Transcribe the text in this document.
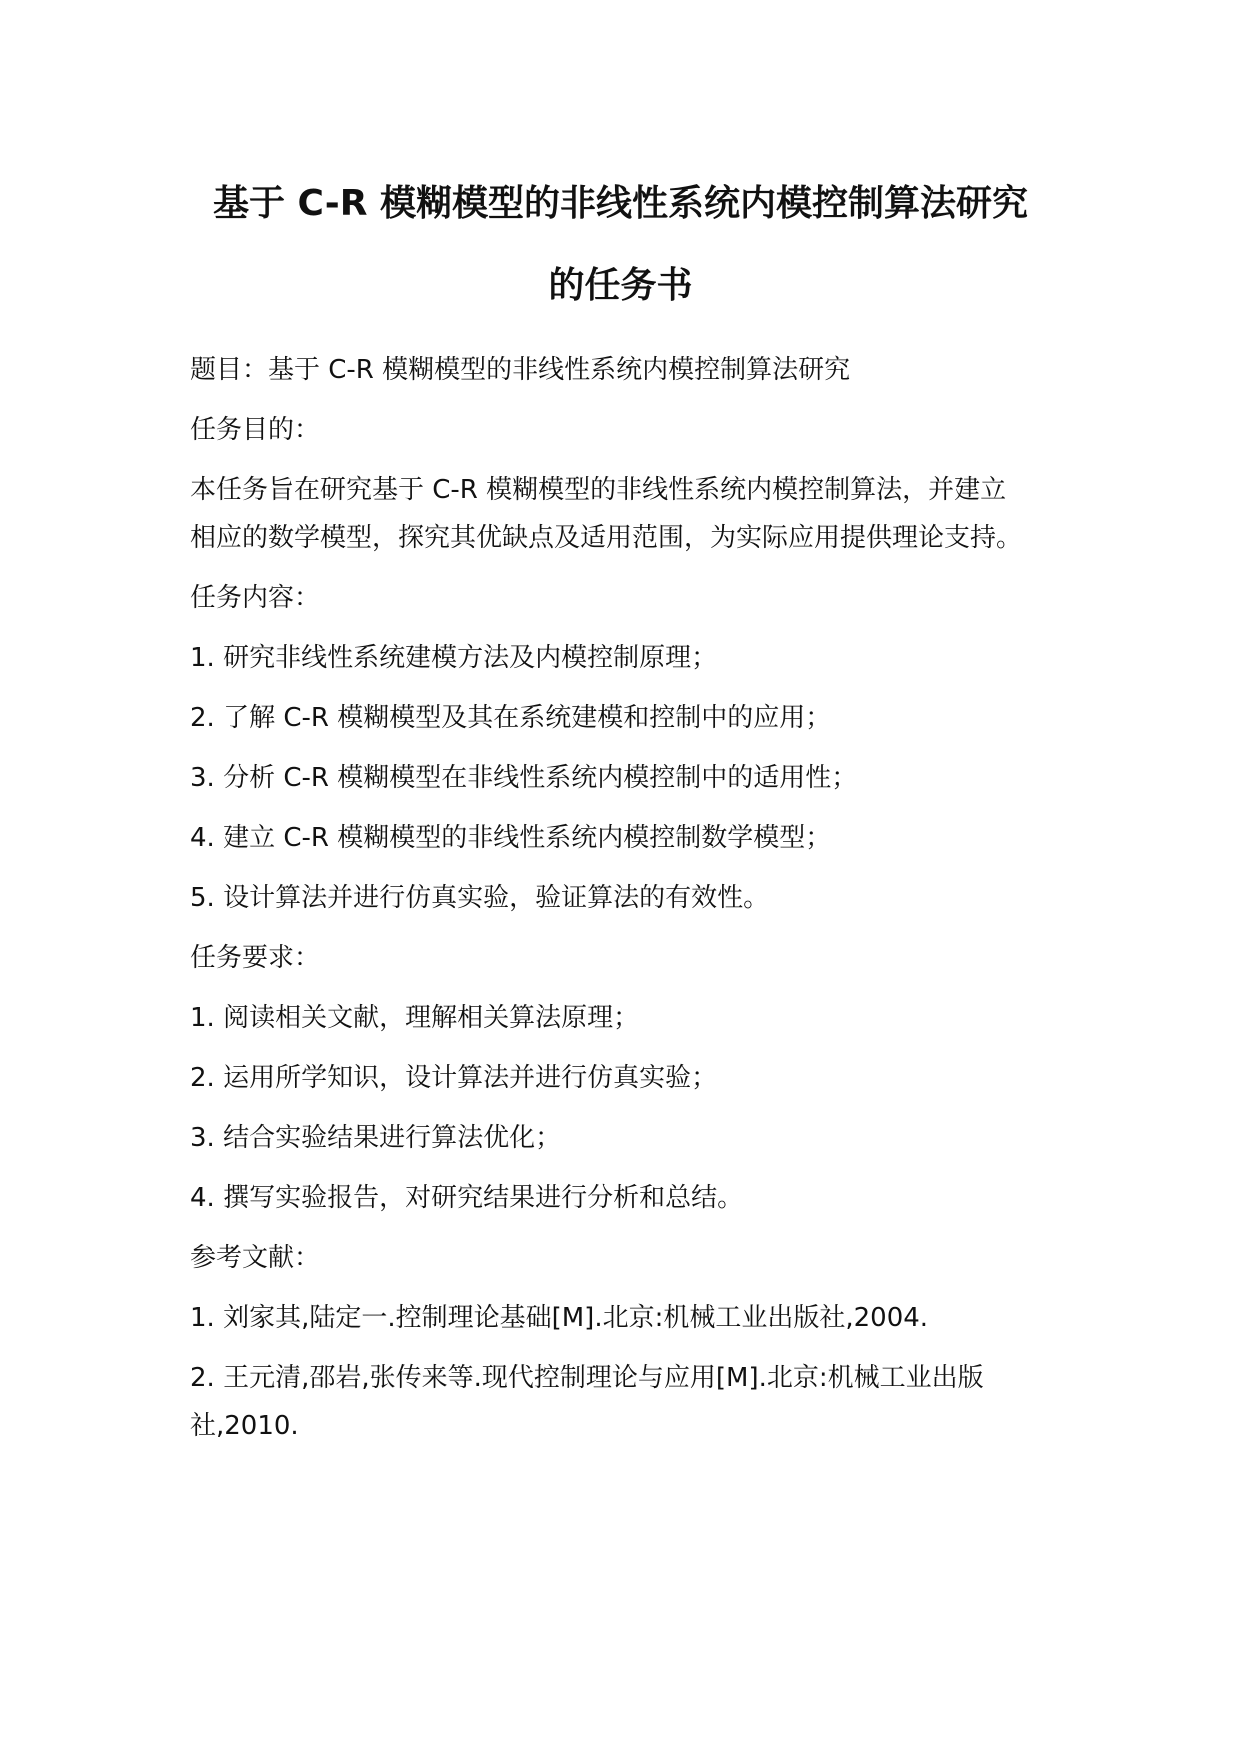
基于 C-R 模糊模型的非线性系统内模控制算法研究
的任务书
题目：基于 C-R 模糊模型的非线性系统内模控制算法研究
任务目的：
本任务旨在研究基于 C-R 模糊模型的非线性系统内模控制算法，并建立
相应的数学模型，探究其优缺点及适用范围，为实际应用提供理论支持。
任务内容：
1. 研究非线性系统建模方法及内模控制原理；
2. 了解 C-R 模糊模型及其在系统建模和控制中的应用；
3. 分析 C-R 模糊模型在非线性系统内模控制中的适用性；
4. 建立 C-R 模糊模型的非线性系统内模控制数学模型；
5. 设计算法并进行仿真实验，验证算法的有效性。
任务要求：
1. 阅读相关文献，理解相关算法原理；
2. 运用所学知识，设计算法并进行仿真实验；
3. 结合实验结果进行算法优化；
4. 撰写实验报告，对研究结果进行分析和总结。
参考文献：
1. 刘家其,陆定一.控制理论基础[M].北京:机械工业出版社,2004.
2. 王元清,邵岩,张传来等.现代控制理论与应用[M].北京:机械工业出版
社,2010.
